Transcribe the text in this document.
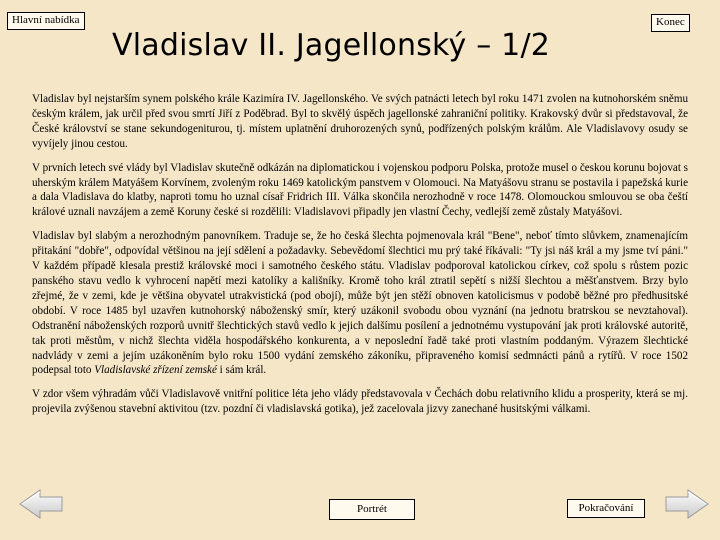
Hlavní nabídka	Konec
Vladislav II. Jagellonský – 1/2

Vladislav byl nejstarším synem polského krále Kazimíra IV. Jagellonského. Ve svých patnácti letech byl roku 1471 zvolen na kutnohorském sněmu českým králem, jak určil před svou smrtí Jiří z Poděbrad. Byl to skvělý úspěch jagellonské zahraniční politiky. Krakovský dvůr si představoval, že České království se stane sekundogeniturou, tj. místem uplatnění druhorozených synů, podřízených polským králům. Ale Vladislavovy osudy se vyvíjely jinou cestou.

V prvních letech své vlády byl Vladislav skutečně odkázán na diplomatickou i vojenskou podporu Polska, protože musel o českou korunu bojovat s uherským králem Matyášem Korvínem, zvoleným roku 1469 katolickým panstvem v Olomouci. Na Matyášovu stranu se postavila i papežská kurie a dala Vladislava do klatby, naproti tomu ho uznal císař Fridrich III. Válka skončila nerozhodně v roce 1478. Olomouckou smlouvou se oba čeští králové uznali navzájem a země Koruny české si rozdělili: Vladislavovi připadly jen vlastní Čechy, vedlejší země zůstaly Matyášovi.

Vladislav byl slabým a nerozhodným panovníkem. Traduje se, že ho česká šlechta pojmenovala král "Bene", neboť tímto slůvkem, znamenajícím přitakání "dobře", odpovídal většinou na její sdělení a požadavky. Sebevědomí šlechtici mu prý také říkávali: "Ty jsi náš král a my jsme tví páni." V každém případě klesala prestiž královské moci i samotného českého státu. Vladislav podporoval katolickou církev, což spolu s růstem pozic panského stavu vedlo k vyhrocení napětí mezi katolíky a kališníky. Kromě toho král ztratil sepětí s nižší šlechtou a měšťanstvem. Brzy bylo zřejmé, že v zemi, kde je většina obyvatel utrakvistická (pod obojí), může být jen stěží obnoven katolicismus v podobě běžné pro předhusitské období. V roce 1485 byl uzavřen kutnohorský náboženský smír, který uzákonil svobodu obou vyznání (na jednotu bratrskou se nevztahoval). Odstranění náboženských rozporů uvnitř šlechtických stavů vedlo k jejich dalšímu posílení a jednotnému vystupování jak proti královské autoritě, tak proti městům, v nichž šlechta viděla hospodářského konkurenta, a v neposlední řadě také proti vlastním poddaným. Výrazem šlechtické nadvlády v zemi a jejím uzákoněním bylo roku 1500 vydání zemského zákoníku, připraveného komisí sedmnácti pánů a rytířů. V roce 1502 podepsal toto Vladislavské zřízení zemské i sám král.

V zdor všem výhradám vůči Vladislavově vnitřní politice léta jeho vlády představovala v Čechách dobu relativního klidu a prosperity, která se mj. projevila zvýšenou stavební aktivitou (tzv. pozdní či vladislavská gotika), jež zacelovala jizvy zanechané husitskými válkami.

Portrét	Pokračování
